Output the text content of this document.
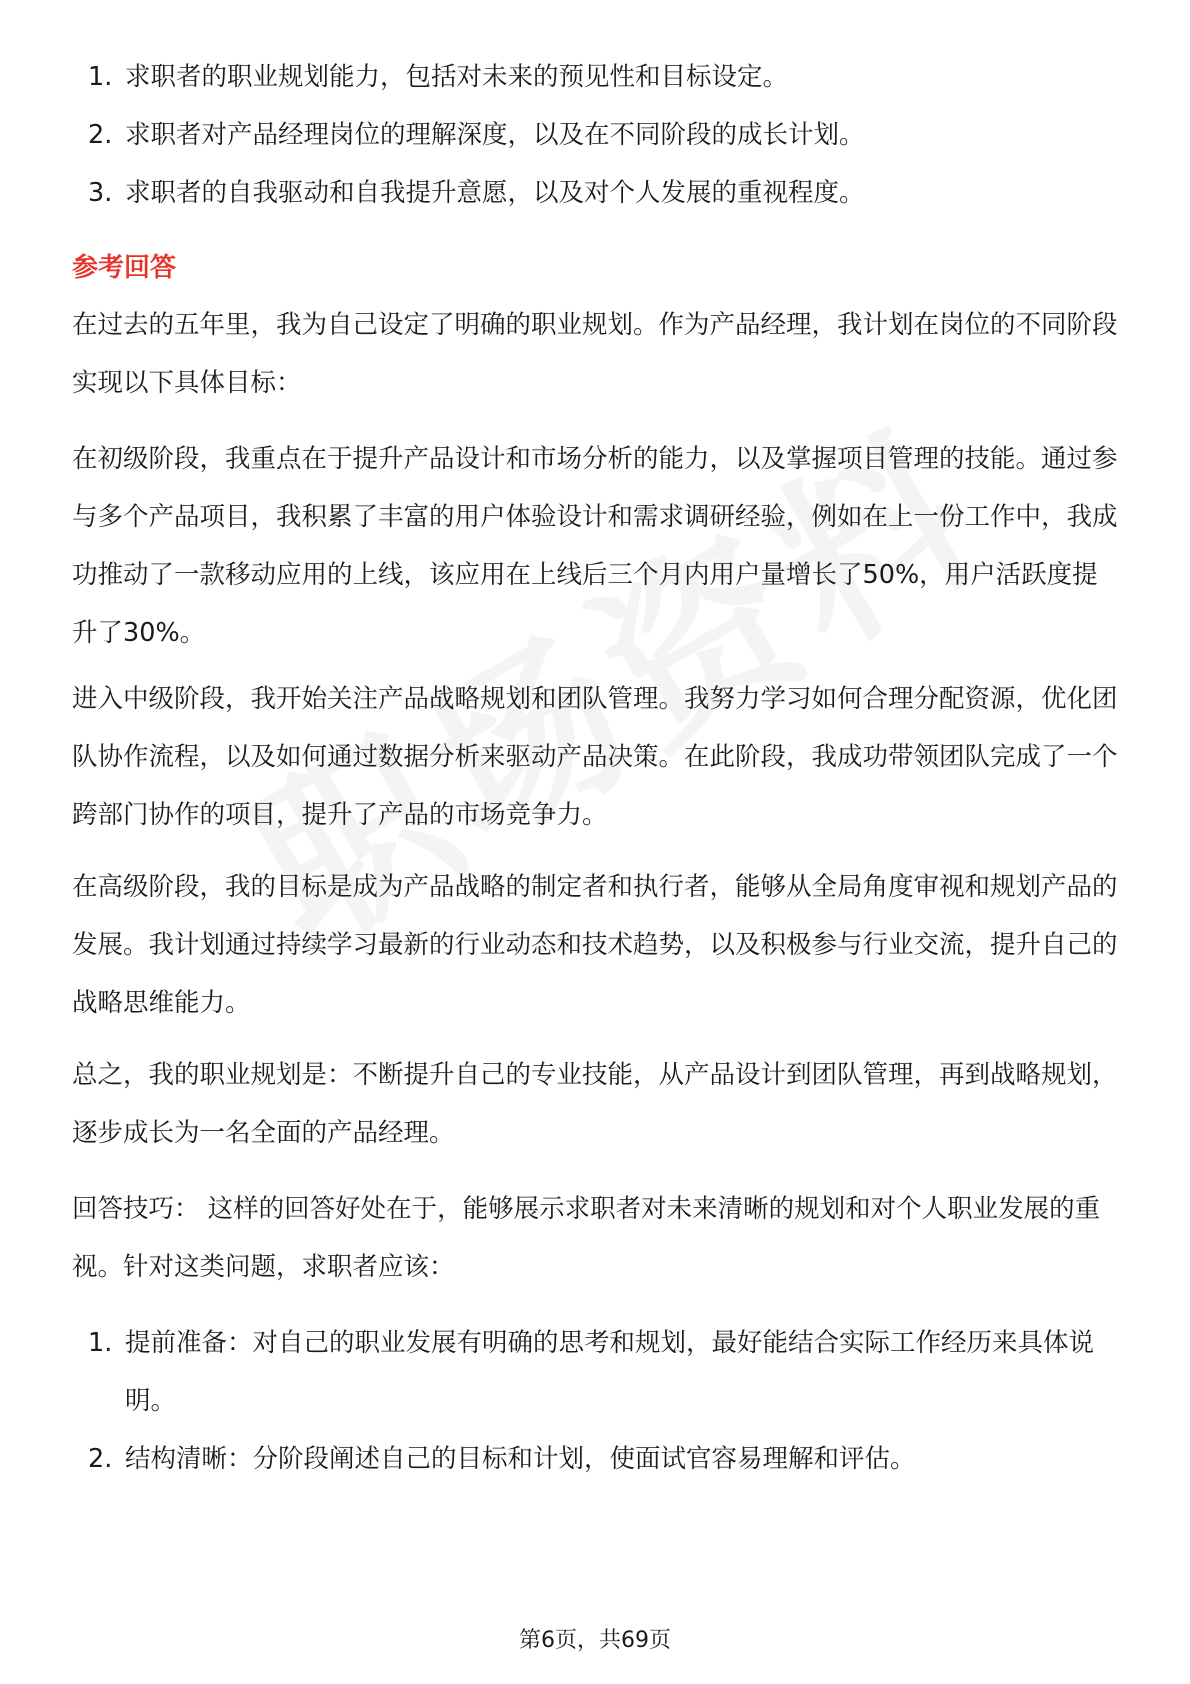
1. 求职者的职业规划能力，包括对未来的预见性和目标设定。
2. 求职者对产品经理岗位的理解深度，以及在不同阶段的成长计划。
3. 求职者的自我驱动和自我提升意愿，以及对个人发展的重视程度。
参考回答

在过去的五年里，我为自己设定了明确的职业规划。作为产品经理，我计划在岗位的不同阶段实现以下具体目标：

在初级阶段，我重点在于提升产品设计和市场分析的能力，以及掌握项目管理的技能。通过参与多个产品项目，我积累了丰富的用户体验设计和需求调研经验，例如在上一份工作中，我成功推动了一款移动应用的上线，该应用在上线后三个月内用户量增长了50%，用户活跃度提升了30%。

进入中级阶段，我开始关注产品战略规划和团队管理。我努力学习如何合理分配资源，优化团队协作流程，以及如何通过数据分析来驱动产品决策。在此阶段，我成功带领团队完成了一个跨部门协作的项目，提升了产品的市场竞争力。

在高级阶段，我的目标是成为产品战略的制定者和执行者，能够从全局角度审视和规划产品的发展。我计划通过持续学习最新的行业动态和技术趋势，以及积极参与行业交流，提升自己的战略思维能力。

总之，我的职业规划是：不断提升自己的专业技能，从产品设计到团队管理，再到战略规划，逐步成长为一名全面的产品经理。

回答技巧： 这样的回答好处在于，能够展示求职者对未来清晰的规划和对个人职业发展的重视。针对这类问题，求职者应该：

1. 提前准备：对自己的职业发展有明确的思考和规划，最好能结合实际工作经历来具体说明。
2. 结构清晰：分阶段阐述自己的目标和计划，使面试官容易理解和评估。
第6页，共69页
